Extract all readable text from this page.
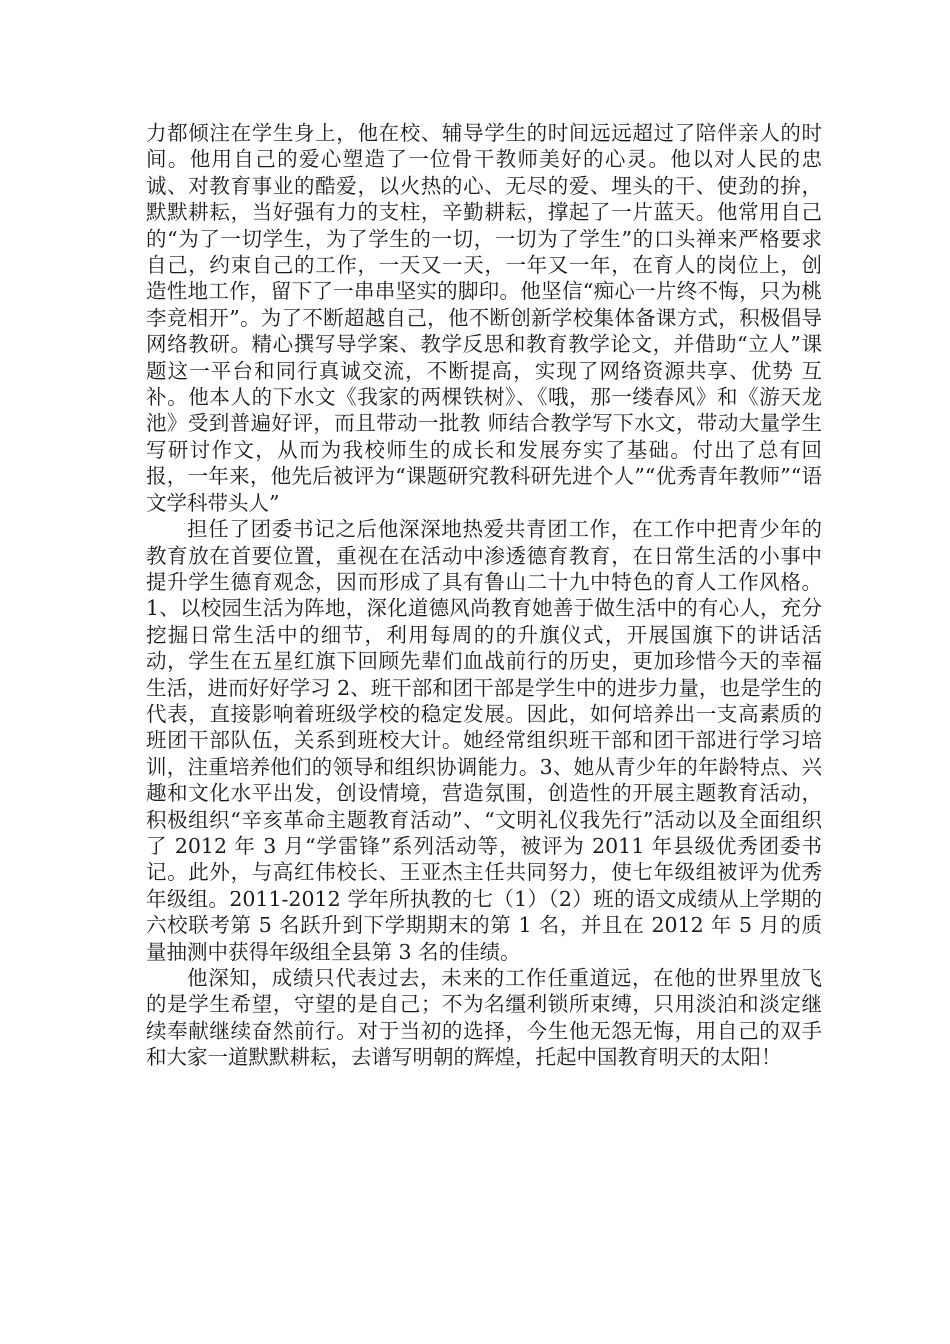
力都倾注在学生身上，他在校、辅导学生的时间远远超过了陪伴亲人的时间。他用自己的爱心塑造了一位骨干教师美好的心灵。他以对人民的忠诚、对教育事业的酷爱，以火热的心、无尽的爱、埋头的干、使劲的拚，默默耕耘，当好强有力的支柱，辛勤耕耘，撑起了一片蓝天。他常用自己的“为了一切学生，为了学生的一切，一切为了学生”的口头禅来严格要求自己，约束自己的工作，一天又一天，一年又一年，在育人的岗位上，创造性地工作，留下了一串串坚实的脚印。他坚信“痴心一片终不悔，只为桃李竞相开”。为了不断超越自己，他不断创新学校集体备课方式，积极倡导 网络教研。精心撰写导学案、教学反思和教育教学论文，并借助“立人”课题这一平台和同行真诚交流，不断提高，实现了网络资源共享、优势 互补。他本人的下水文《我家的两棵铁树》、《哦，那一缕春风》和《游天龙池》受到普遍好评，而且带动一批教 师结合教学写下水文，带动大量学生写研讨作文，从而为我校师生的成长和发展夯实了基础。付出了总有回报，一年来，他先后被评为“课题研究教科研先进个人”“优秀青年教师”“语文学科带头人”

担任了团委书记之后他深深地热爱共青团工作，在工作中把青少年的教育放在首要位置，重视在在活动中渗透德育教育，在日常生活的小事中提升学生德育观念，因而形成了具有鲁山二十九中特色的育人工作风格。1、以校园生活为阵地，深化道德风尚教育她善于做生活中的有心人，充分挖掘日常生活中的细节，利用每周的的升旗仪式，开展国旗下的讲话活动，学生在五星红旗下回顾先辈们血战前行的历史，更加珍惜今天的幸福生活，进而好好学习 2、班干部和团干部是学生中的进步力量，也是学生的代表，直接影响着班级学校的稳定发展。因此，如何培养出一支高素质的班团干部队伍，关系到班校大计。她经常组织班干部和团干部进行学习培训，注重培养他们的领导和组织协调能力。3、她从青少年的年龄特点、兴趣和文化水平出发，创设情境，营造氛围，创造性的开展主题教育活动，积极组织“辛亥革命主题教育活动”、“文明礼仪我先行”活动以及全面组织了 2012 年 3 月“学雷锋”系列活动等，被评为 2011 年县级优秀团委书记。此外，与高红伟校长、王亚杰主任共同努力，使七年级组被评为优秀年级组。2011-2012 学年所执教的七（1）（2）班的语文成绩从上学期的六校联考第 5 名跃升到下学期期末的第 1 名，并且在 2012 年 5 月的质量抽测中获得年级组全县第 3 名的佳绩。

他深知，成绩只代表过去，未来的工作任重道远，在他的世界里放飞的是学生希望，守望的是自己；不为名缰利锁所束缚，只用淡泊和淡定继续奉献继续奋然前行。对于当初的选择，今生他无怨无悔，用自己的双手和大家一道默默耕耘，去谱写明朝的辉煌，托起中国教育明天的太阳！
